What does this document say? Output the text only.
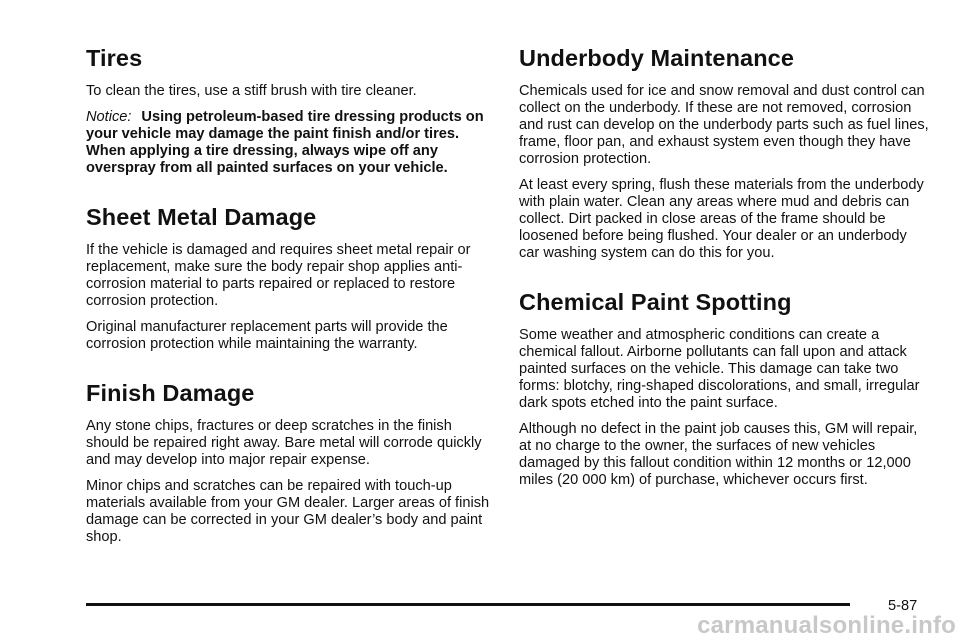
Tires

To clean the tires, use a stiff brush with tire cleaner.

Notice: Using petroleum-based tire dressing products on your vehicle may damage the paint finish and/or tires. When applying a tire dressing, always wipe off any overspray from all painted surfaces on your vehicle.

Sheet Metal Damage

If the vehicle is damaged and requires sheet metal repair or replacement, make sure the body repair shop applies anti-corrosion material to parts repaired or replaced to restore corrosion protection.

Original manufacturer replacement parts will provide the corrosion protection while maintaining the warranty.

Finish Damage

Any stone chips, fractures or deep scratches in the finish should be repaired right away. Bare metal will corrode quickly and may develop into major repair expense.

Minor chips and scratches can be repaired with touch-up materials available from your GM dealer. Larger areas of finish damage can be corrected in your GM dealer’s body and paint shop.

Underbody Maintenance

Chemicals used for ice and snow removal and dust control can collect on the underbody. If these are not removed, corrosion and rust can develop on the underbody parts such as fuel lines, frame, floor pan, and exhaust system even though they have corrosion protection.

At least every spring, flush these materials from the underbody with plain water. Clean any areas where mud and debris can collect. Dirt packed in close areas of the frame should be loosened before being flushed. Your dealer or an underbody car washing system can do this for you.

Chemical Paint Spotting

Some weather and atmospheric conditions can create a chemical fallout. Airborne pollutants can fall upon and attack painted surfaces on the vehicle. This damage can take two forms: blotchy, ring-shaped discolorations, and small, irregular dark spots etched into the paint surface.

Although no defect in the paint job causes this, GM will repair, at no charge to the owner, the surfaces of new vehicles damaged by this fallout condition within 12 months or 12,000 miles (20 000 km) of purchase, whichever occurs first.

5-87
carmanualsonline.info
